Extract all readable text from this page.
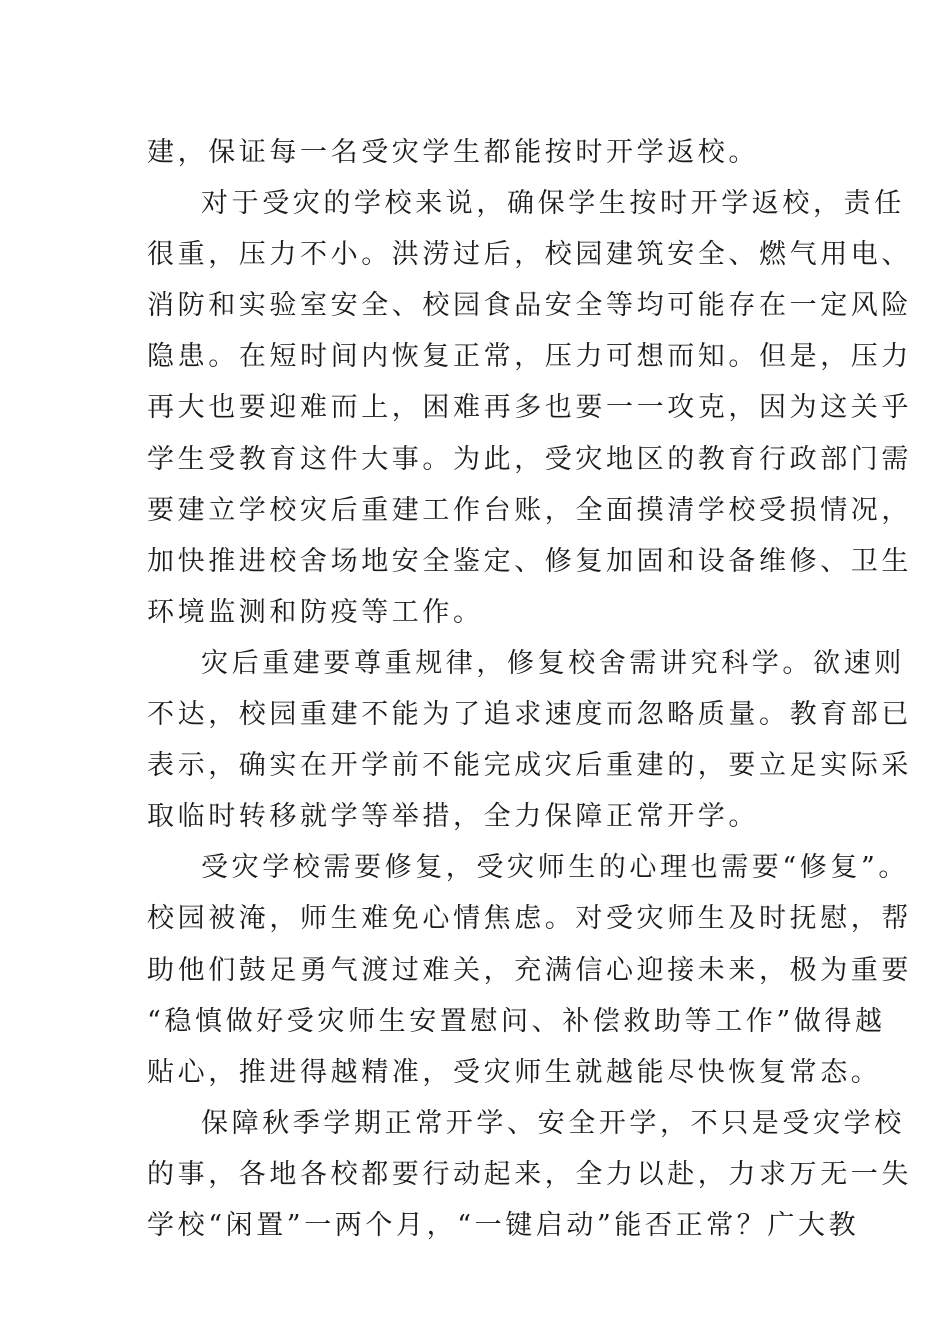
建，保证每一名受灾学生都能按时开学返校。
对于受灾的学校来说，确保学生按时开学返校，责任
很重，压力不小。洪涝过后，校园建筑安全、燃气用电、
消防和实验室安全、校园食品安全等均可能存在一定风险
隐患。在短时间内恢复正常，压力可想而知。但是，压力
再大也要迎难而上，困难再多也要一一攻克，因为这关乎
学生受教育这件大事。为此，受灾地区的教育行政部门需
要建立学校灾后重建工作台账，全面摸清学校受损情况，
加快推进校舍场地安全鉴定、修复加固和设备维修、卫生
环境监测和防疫等工作。
灾后重建要尊重规律，修复校舍需讲究科学。欲速则
不达，校园重建不能为了追求速度而忽略质量。教育部已
表示，确实在开学前不能完成灾后重建的，要立足实际采
取临时转移就学等举措，全力保障正常开学。
受灾学校需要修复，受灾师生的心理也需要“修复”。
校园被淹，师生难免心情焦虑。对受灾师生及时抚慰，帮
助他们鼓足勇气渡过难关，充满信心迎接未来，极为重要
“稳慎做好受灾师生安置慰问、补偿救助等工作”做得越
贴心，推进得越精准，受灾师生就越能尽快恢复常态。
保障秋季学期正常开学、安全开学，不只是受灾学校
的事，各地各校都要行动起来，全力以赴，力求万无一失
学校“闲置”一两个月，“一键启动”能否正常？广大教
